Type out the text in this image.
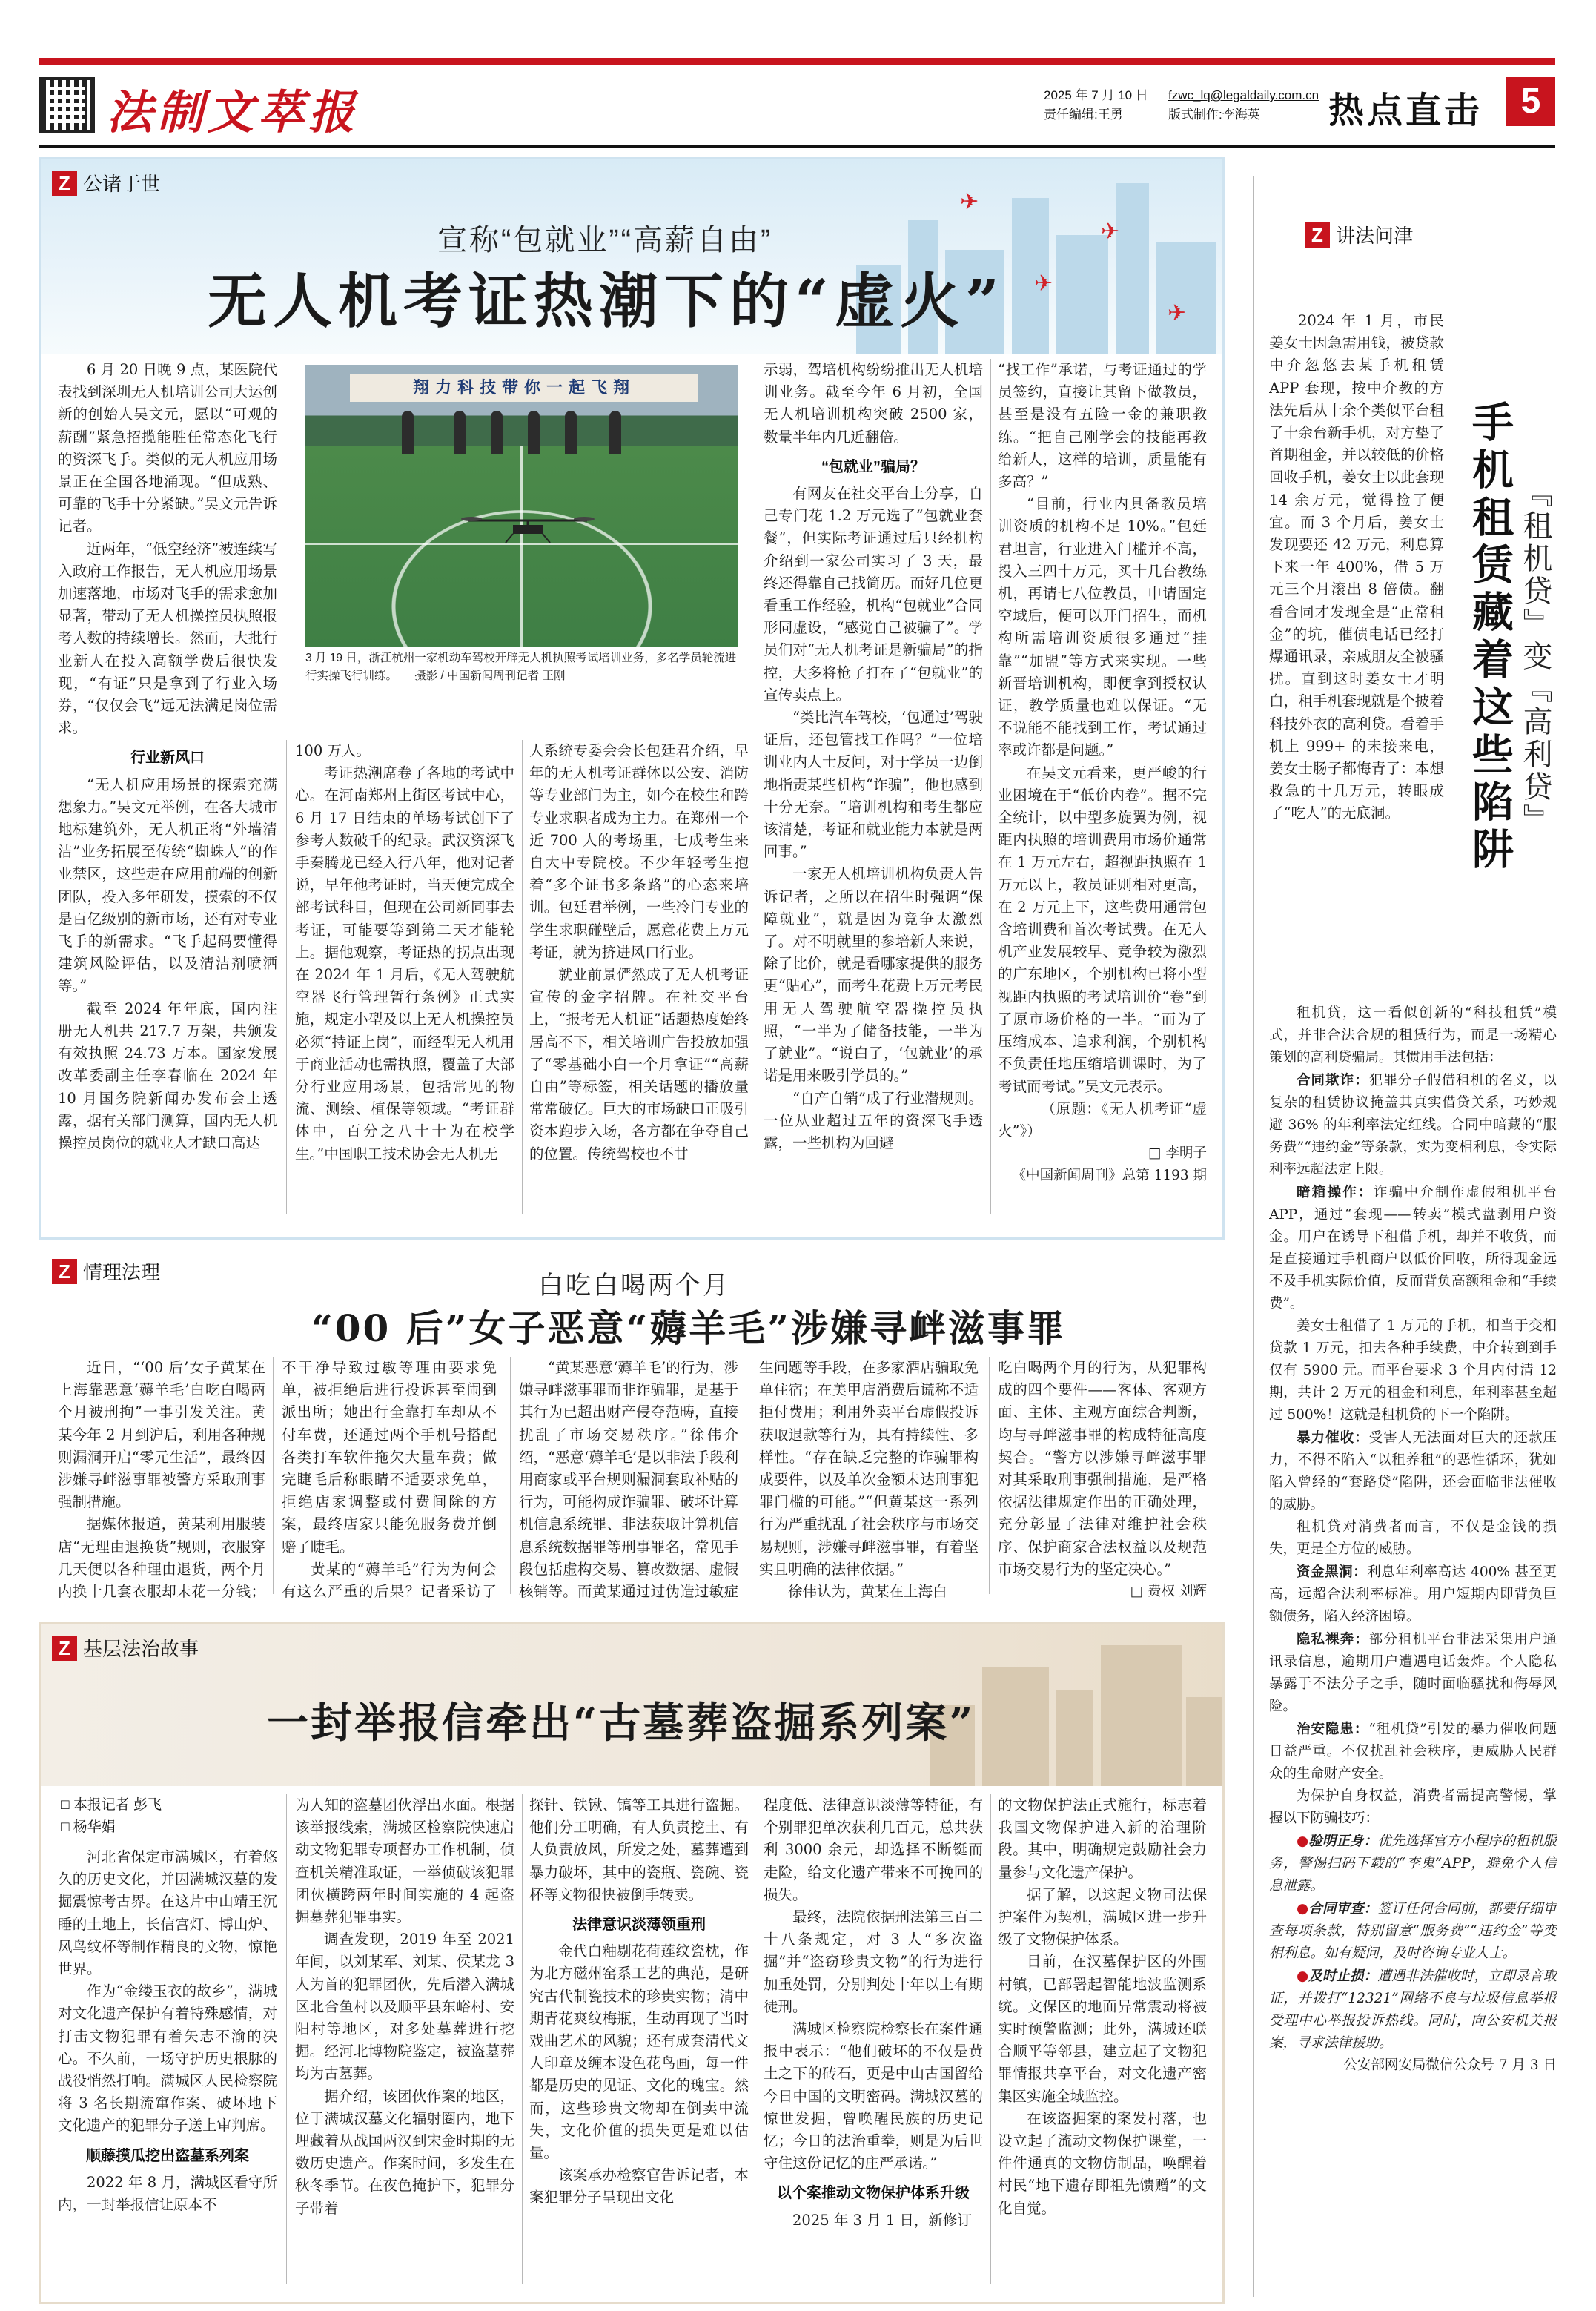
法制文萃报	2025 年 7 月 10 日
责任编辑:王勇
fzwc_lq@legaldaily.com.cn
版式制作:李海英	热点直击	5
✈
✈
✈
✈
Z 公诸于世
宣称“包就业”“高薪自由”
无人机考证热潮下的“虚火”

6 月 20 日晚 9 点，某医院代表找到深圳无人机培训公司大运创新的创始人吴文元，愿以“可观的薪酬”紧急招揽能胜任常态化飞行的资深飞手。类似的无人机应用场景正在全国各地涌现。“但成熟、可靠的飞手十分紧缺。”吴文元告诉记者。

近两年，“低空经济”被连续写入政府工作报告，无人机应用场景加速落地，市场对飞手的需求愈加显著，带动了无人机操控员执照报考人数的持续增长。然而，大批行业新人在投入高额学费后很快发现，“有证”只是拿到了行业入场券，“仅仅会飞”远无法满足岗位需求。

行业新风口

“无人机应用场景的探索充满想象力。”吴文元举例，在各大城市地标建筑外，无人机正将“外墙清洁”业务拓展至传统“蜘蛛人”的作业禁区，这些走在应用前端的创新团队，投入多年研发，摸索的不仅是百亿级别的新市场，还有对专业飞手的新需求。“飞手起码要懂得建筑风险评估，以及清洁剂喷洒等。”

截至 2024 年年底，国内注册无人机共 217.7 万架，共颁发有效执照 24.73 万本。国家发展改革委副主任李春临在 2024 年 10 月国务院新闻办发布会上透露，据有关部门测算，国内无人机操控员岗位的就业人才缺口高达

翔力科技带你一起飞翔
3 月 19 日，浙江杭州一家机动车驾校开辟无人机执照考试培训业务，多名学员轮流进行实操飞行训练。　　摄影 / 中国新闻周刊记者 王刚

100 万人。

考证热潮席卷了各地的考试中心。在河南郑州上街区考试中心，6 月 17 日结束的单场考试创下了参考人数破千的纪录。武汉资深飞手秦腾龙已经入行八年，他对记者说，早年他考证时，当天便完成全部考试科目，但现在公司新同事去考证，可能要等到第二天才能轮上。据他观察，考证热的拐点出现在 2024 年 1 月后，《无人驾驶航空器飞行管理暂行条例》正式实施，规定小型及以上无人机操控员必须“持证上岗”，而经型无人机用于商业活动也需执照，覆盖了大部分行业应用场景，包括常见的物流、测绘、植保等领域。“考证群体中，百分之八十十为在校学生。”中国职工技术协会无人机无

人系统专委会会长包廷君介绍，早年的无人机考证群体以公安、消防等专业部门为主，如今在校生和跨专业求职者成为主力。在郑州一个近 700 人的考场里，七成考生来自大中专院校。不少年轻考生抱着“多个证书多条路”的心态来培训。包廷君举例，一些冷门专业的学生求职碰壁后，愿意花费上万元考证，就为挤进风口行业。

就业前景俨然成了无人机考证宣传的金字招牌。在社交平台上，“报考无人机证”话题热度始终居高不下，相关培训广告投放加强了“零基础小白一个月拿证”“高薪自由”等标签，相关话题的播放量常常破亿。巨大的市场缺口正吸引资本跑步入场，各方都在争夺自己的位置。传统驾校也不甘

示弱，驾培机构纷纷推出无人机培训业务。截至今年 6 月初，全国无人机培训机构突破 2500 家，数量半年内几近翻倍。

“包就业”骗局？

有网友在社交平台上分享，自己专门花 1.2 万元选了“包就业套餐”，但实际考证通过后只经机构介绍到一家公司实习了 3 天，最终还得靠自己找简历。而好几位更看重工作经验，机构“包就业”合同形同虚设，“感觉自己被骗了”。学员们对“无人机考证是新骗局”的指控，大多将枪子打在了“包就业”的宣传卖点上。

“类比汽车驾校，‘包通过’驾驶证后，还包管找工作吗？”一位培训业内人士反问，对于学员一边倒地指责某些机构“诈骗”，他也感到十分无奈。“培训机构和考生都应该清楚，考证和就业能力本就是两回事。”

一家无人机培训机构负责人告诉记者，之所以在招生时强调“保障就业”，就是因为竞争太激烈了。对不明就里的参培新人来说，除了比价，就是看哪家提供的服务更“贴心”，而考生花费上万元考民用无人驾驶航空器操控员执照，“一半为了储备技能，一半为了就业”。“说白了，‘包就业’的承诺是用来吸引学员的。”

“自产自销”成了行业潜规则。一位从业超过五年的资深飞手透露，一些机构为回避

“找工作”承诺，与考证通过的学员签约，直接让其留下做教员，甚至是没有五险一金的兼职教练。“把自己刚学会的技能再教给新人，这样的培训，质量能有多高？”

“目前，行业内具备教员培训资质的机构不足 10%。”包廷君坦言，行业进入门槛并不高，投入三四十万元，买十几台教练机，再请七八位教员，申请固定空域后，便可以开门招生，而机构所需培训资质很多通过“挂靠”“加盟”等方式来实现。一些新晋培训机构，即便拿到授权认证，教学质量也难以保证。“无不说能不能找到工作，考试通过率或许都是问题。”

在吴文元看来，更严峻的行业困境在于“低价内卷”。据不完全统计，以中型多旋翼为例，视距内执照的培训费用市场价通常在 1 万元左右，超视距执照在 1 万元以上，教员证则相对更高，在 2 万元上下，这些费用通常包含培训费和首次考试费。在无人机产业发展较早、竞争较为激烈的广东地区，个别机构已将小型视距内执照的考试培训价“卷”到了原市场价格的一半。“而为了压缩成本、追求利润，个别机构不负责任地压缩培训课时，为了考试而考试。”吴文元表示。

（原题：《无人机考证“虚火”》）

□ 李明子
《中国新闻周刊》总第 1193 期
Z 情理法理	白吃白喝两个月
“00 后”女子恶意“薅羊毛”涉嫌寻衅滋事罪

近日，“‘00 后’女子黄某在上海靠恶意‘薅羊毛’白吃白喝两个月被刑拘”一事引发关注。黄某今年 2 月到沪后，利用各种规则漏洞开启“零元生活”，最终因涉嫌寻衅滋事罪被警方采取刑事强制措施。

据媒体报道，黄某利用服装店“无理由退换货”规则，衣服穿几天便以各种理由退货，两个月内换十几套衣服却未花一分钱；

不干净导致过敏等理由要求免单，被拒绝后进行投诉甚至闹到派出所；她出行全靠打车却从不付车费，还通过两个手机号搭配各类打车软件拖欠大量车费；做完睫毛后称眼睛不适要求免单，拒绝店家调整或付费间除的方案，最终店家只能免服务费并倒赔了睫毛。

黄某的“薅羊毛”行为为何会有这么严重的后果？记者采访了

“黄某恶意‘薅羊毛’的行为，涉嫌寻衅滋事罪而非诈骗罪，是基于其行为已超出财产侵夺范畴，直接扰乱了市场交易秩序。”徐伟介绍，“恶意‘薅羊毛’是以非法手段利用商家或平台规则漏洞套取补贴的行为，可能构成诈骗罪、破坏计算机信息系统罪、非法获取计算机信息系统数据罪等刑事罪名，常见手段包括虚构交易、篡改数据、虚假核销等。而黄某通过过伪造过敏症

生问题等手段，在多家酒店骗取免单住宿；在美甲店消费后谎称不适拒付费用；利用外卖平台虚假投诉获取退款等行为，具有持续性、多样性。“存在缺乏完整的诈骗罪构成要件，以及单次金额未达刑事犯罪门槛的可能。”“但黄某这一系列行为严重扰乱了社会秩序与市场交易规则，涉嫌寻衅滋事罪，有着坚实且明确的法律依据。”

徐伟认为，黄某在上海白

吃白喝两个月的行为，从犯罪构成的四个要件——客体、客观方面、主体、主观方面综合判断，均与寻衅滋事罪的构成特征高度契合。“警方以涉嫌寻衅滋事罪对其采取刑事强制措施，是严格依据法律规定作出的正确处理，充分彰显了法律对维护社会秩序、保护商家合法权益以及规范市场交易行为的坚定决心。”

□ 费权 刘辉
Z 基层法治故事
一封举报信牵出“古墓葬盗掘系列案”
□ 本报记者 彭飞
□ 杨华娟

河北省保定市满城区，有着悠久的历史文化，并因满城汉墓的发掘震惊考古界。在这片中山靖王沉睡的土地上，长信宫灯、博山炉、凤鸟纹杯等制作精良的文物，惊艳世界。

作为“金缕玉衣的故乡”，满城对文化遗产保护有着特殊感情，对打击文物犯罪有着矢志不渝的决心。不久前，一场守护历史根脉的战役悄然打响。满城区人民检察院将 3 名长期流窜作案、破坏地下文化遗产的犯罪分子送上审判席。

顺藤摸瓜挖出盗墓系列案

2022 年 8 月，满城区看守所内，一封举报信让原本不

为人知的盗墓团伙浮出水面。根据该举报线索，满城区检察院快速启动文物犯罪专项督办工作机制，侦查机关精准取证，一举侦破该犯罪团伙横跨两年时间实施的 4 起盗掘墓葬犯罪事实。

调查发现，2019 年至 2021 年间，以刘某军、刘某、侯某龙 3 人为首的犯罪团伙，先后潜入满城区北合鱼村以及顺平县东峪村、安阳村等地区，对多处墓葬进行挖掘。经河北博物院鉴定，被盗墓葬均为古墓葬。

据介绍，该团伙作案的地区，位于满城汉墓文化辐射圈内，地下埋藏着从战国两汉到宋金时期的无数历史遗产。作案时间，多发生在秋冬季节。在夜色掩护下，犯罪分子带着

探针、铁锹、镐等工具进行盗掘。他们分工明确，有人负责挖土、有人负责放风，所发之处，墓葬遭到暴力破坏，其中的瓷瓶、瓷碗、瓷杯等文物很快被倒手转卖。

法律意识淡薄领重刑

金代白釉剔花荷莲纹瓷枕，作为北方磁州窑系工艺的典范，是研究古代制瓷技术的珍贵实物；清中期青花爽纹梅瓶，生动再现了当时戏曲艺术的风貌；还有成套清代文人印章及缠本设色花鸟画，每一件都是历史的见证、文化的瑰宝。然而，这些珍贵文物却在倒卖中流失，文化价值的损失更是难以估量。

该案承办检察官告诉记者，本案犯罪分子呈现出文化

程度低、法律意识淡薄等特征，有个别罪犯单次获利几百元，总共获利 3000 余元，却选择不断铤而走险，给文化遗产带来不可挽回的损失。

最终，法院依据刑法第三百二十八条规定，对 3 人“多次盗掘”并“盗窃珍贵文物”的行为进行加重处罚，分别判处十年以上有期徒刑。

满城区检察院检察长在案件通报中表示：“他们破坏的不仅是黄土之下的砖石，更是中山古国留给今日中国的文明密码。满城汉墓的惊世发掘，曾唤醒民族的历史记忆；今日的法治重拳，则是为后世守住这份记忆的庄严承诺。”

以个案推动文物保护体系升级

2025 年 3 月 1 日，新修订

的文物保护法正式施行，标志着我国文物保护进入新的治理阶段。其中，明确规定鼓励社会力量参与文化遗产保护。

据了解，以这起文物司法保护案件为契机，满城区进一步升级了文物保护体系。

目前，在汉墓保护区的外围村镇，已部署起智能地波监测系统。文保区的地面异常震动将被实时预警监测；此外，满城还联合顺平等邻县，建立起了文物犯罪情报共享平台，对文化遗产密集区实施全域监控。

在该盗掘案的案发村落，也设立起了流动文物保护课堂，一件件通真的文物仿制品，唤醒着村民“地下遗存即祖先馈赠”的文化自觉。

Z 讲法问津
『租机贷』变『高利贷』
手机租赁藏着这些陷阱

2024 年 1 月，市民姜女士因急需用钱，被贷款中介忽悠去某手机租赁 APP 套现，按中介教的方法先后从十余个类似平台租了十余台新手机，对方垫了首期租金，并以较低的价格回收手机，姜女士以此套现 14 余万元，觉得捡了便宜。而 3 个月后，姜女士发现要还 42 万元，利息算下来一年 400%，借 5 万元三个月滚出 8 倍债。翻看合同才发现全是“正常租金”的坑，催债电话已经打爆通讯录，亲戚朋友全被骚扰。直到这时姜女士才明白，租手机套现就是个披着科技外衣的高利贷。看着手机上 999+ 的未接来电，姜女士肠子都悔青了：本想救急的十几万元，转眼成了“吃人”的无底洞。

租机贷，这一看似创新的“科技租赁”模式，并非合法合规的租赁行为，而是一场精心策划的高利贷骗局。其惯用手法包括：

合同欺诈：犯罪分子假借租机的名义，以复杂的租赁协议掩盖其真实借贷关系，巧妙规避 36% 的年利率法定红线。合同中暗藏的“服务费”“违约金”等条款，实为变相利息，令实际利率远超法定上限。

暗箱操作：诈骗中介制作虚假租机平台 APP，通过“套现——转卖”模式盘剥用户资金。用户在诱导下租借手机，却并不收货，而是直接通过手机商户以低价回收，所得现金远不及手机实际价值，反而背负高额租金和“手续费”。

姜女士租借了 1 万元的手机，相当于变相贷款 1 万元，扣去各种手续费，中介转到到手仅有 5900 元。而平台要求 3 个月内付清 12 期，共计 2 万元的租金和利息，年利率甚至超过 500%！这就是租机贷的下一个陷阱。

暴力催收：受害人无法面对巨大的还款压力，不得不陷入“以租养租”的恶性循环，犹如陷入曾经的“套路贷”陷阱，还会面临非法催收的威胁。

租机贷对消费者而言，不仅是金钱的损失，更是全方位的威胁。

资金黑洞：利息年利率高达 400% 甚至更高，远超合法利率标准。用户短期内即背负巨额债务，陷入经济困境。

隐私裸奔：部分租机平台非法采集用户通讯录信息，逾期用户遭遇电话轰炸。个人隐私暴露于不法分子之手，随时面临骚扰和侮辱风险。

治安隐患：“租机贷”引发的暴力催收问题日益严重。不仅扰乱社会秩序，更威胁人民群众的生命财产安全。

为保护自身权益，消费者需提高警惕，掌握以下防骗技巧：

●验明正身：优先选择官方小程序的租机服务，警惕扫码下载的“李鬼”APP，避免个人信息泄露。

●合同审查：签订任何合同前，都要仔细审查每项条款，特别留意“服务费”“违约金”等变相利息。如有疑问，及时咨询专业人士。

●及时止损：遭遇非法催收时，立即录音取证，并拨打“12321”网络不良与垃圾信息举报受理中心举报投诉热线。同时，向公安机关报案，寻求法律援助。

公安部网安局微信公众号 7 月 3 日
